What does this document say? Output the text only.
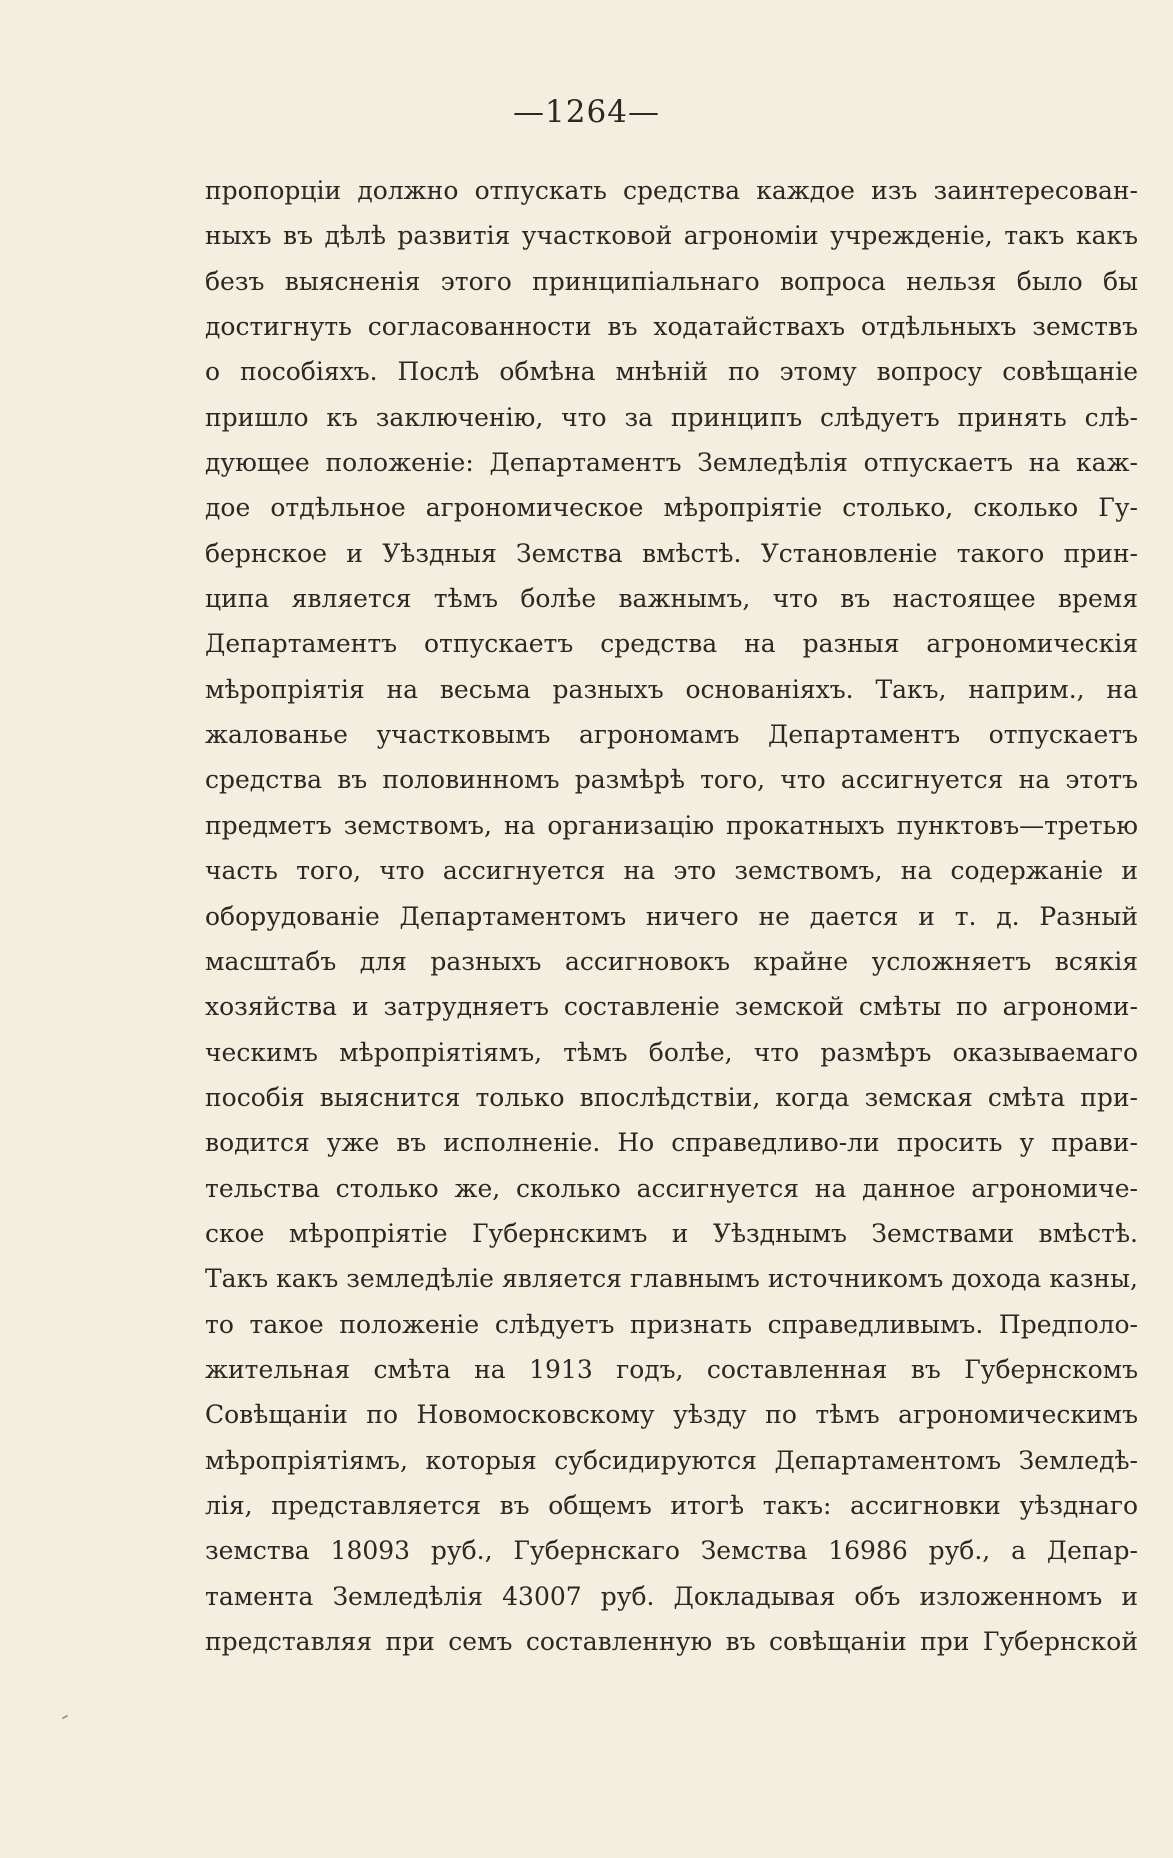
—1264—
пропорціи должно отпускать средства каждое изъ заинтересован-
ныхъ въ дѣлѣ развитія участковой агрономіи учрежденіе, такъ какъ
безъ выясненія этого принципіальнаго вопроса нельзя было бы
достигнуть согласованности въ ходатайствахъ отдѣльныхъ земствъ
о пособіяхъ. Послѣ обмѣна мнѣній по этому вопросу совѣщаніе
пришло къ заключенію, что за принципъ слѣдуетъ принять слѣ-
дующее положеніе: Департаментъ Земледѣлія отпускаетъ на каж-
дое отдѣльное агрономическое мѣропріятіе столько, сколько Гу-
бернское и Уѣздныя Земства вмѣстѣ. Установленіе такого прин-
ципа является тѣмъ болѣе важнымъ, что въ настоящее время
Департаментъ отпускаетъ средства на разныя агрономическія
мѣропріятія на весьма разныхъ основаніяхъ. Такъ, наприм., на
жалованье участковымъ агрономамъ Департаментъ отпускаетъ
средства въ половинномъ размѣрѣ того, что ассигнуется на этотъ
предметъ земствомъ, на организацію прокатныхъ пунктовъ—третью
часть того, что ассигнуется на это земствомъ, на содержаніе и
оборудованіе Департаментомъ ничего не дается и т. д. Разный
масштабъ для разныхъ ассигновокъ крайне усложняетъ всякія
хозяйства и затрудняетъ составленіе земской смѣты по агрономи-
ческимъ мѣропріятіямъ, тѣмъ болѣе, что размѣръ оказываемаго
пособія выяснится только впослѣдствіи, когда земская смѣта при-
водится уже въ исполненіе. Но справедливо-ли просить у прави-
тельства столько же, сколько ассигнуется на данное агрономиче-
ское мѣропріятіе Губернскимъ и Уѣзднымъ Земствами вмѣстѣ.
Такъ какъ земледѣліе является главнымъ источникомъ дохода казны,
то такое положеніе слѣдуетъ признать справедливымъ. Предполо-
жительная смѣта на 1913 годъ, составленная въ Губернскомъ
Совѣщаніи по Новомосковскому уѣзду по тѣмъ агрономическимъ
мѣропріятіямъ, которыя субсидируются Департаментомъ Земледѣ-
лія, представляется въ общемъ итогѣ такъ: ассигновки уѣзднаго
земства 18093 руб., Губернскаго Земства 16986 руб., а Депар-
тамента Земледѣлія 43007 руб. Докладывая объ изложенномъ и
представляя при семъ составленную въ совѣщаніи при Губернской
